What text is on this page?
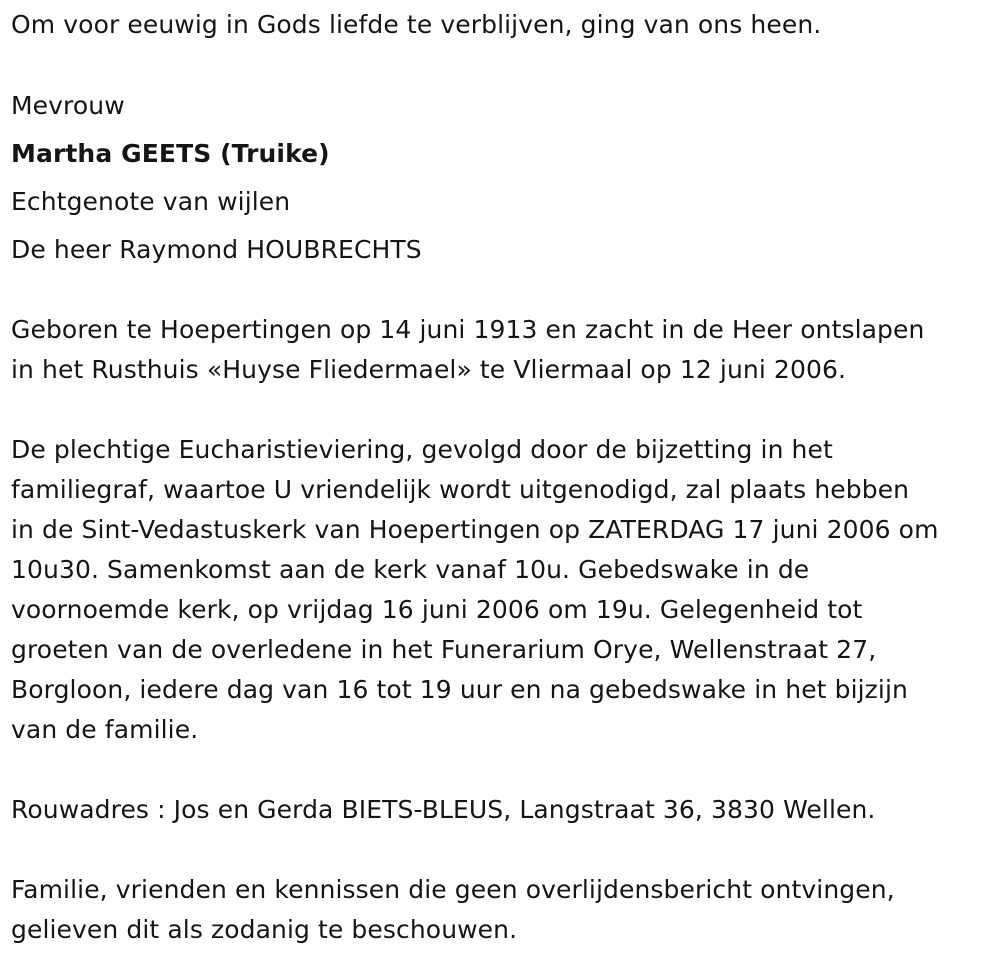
Om voor eeuwig in Gods liefde te verblijven, ging van ons heen.
Mevrouw
Martha GEETS (Truike)
Echtgenote van wijlen
De heer Raymond HOUBRECHTS
Geboren te Hoepertingen op 14 juni 1913 en zacht in de Heer ontslapen
in het Rusthuis «Huyse Fliedermael» te Vliermaal op 12 juni 2006.
De plechtige Eucharistieviering, gevolgd door de bijzetting in het
familiegraf, waartoe U vriendelijk wordt uitgenodigd, zal plaats hebben
in de Sint-Vedastuskerk van Hoepertingen op ZATERDAG 17 juni 2006 om
10u30. Samenkomst aan de kerk vanaf 10u. Gebedswake in de
voornoemde kerk, op vrijdag 16 juni 2006 om 19u. Gelegenheid tot
groeten van de overledene in het Funerarium Orye, Wellenstraat 27,
Borgloon, iedere dag van 16 tot 19 uur en na gebedswake in het bijzijn
van de familie.
Rouwadres : Jos en Gerda BIETS-BLEUS, Langstraat 36, 3830 Wellen.
Familie, vrienden en kennissen die geen overlijdensbericht ontvingen,
gelieven dit als zodanig te beschouwen.
